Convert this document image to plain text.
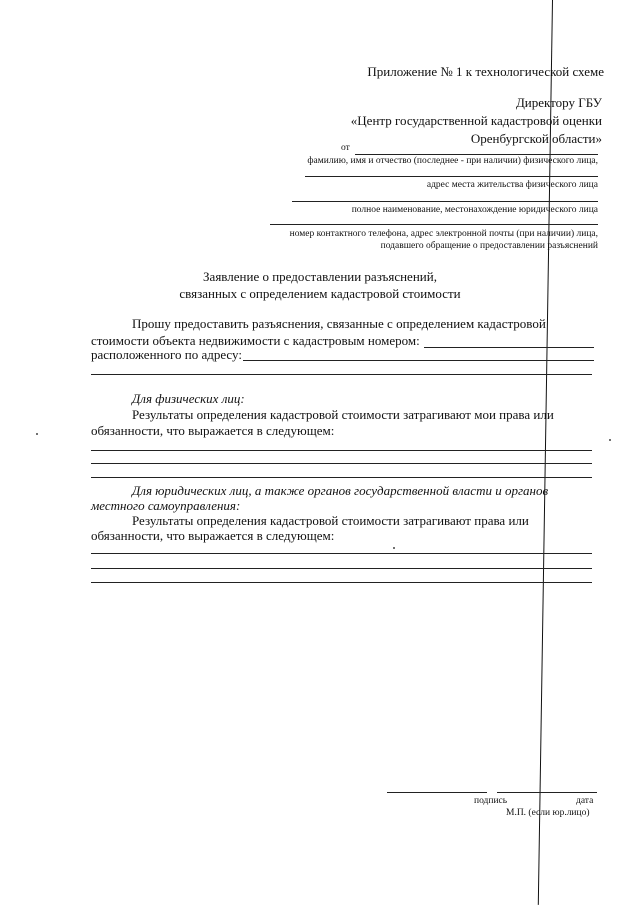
Приложение № 1 к технологической схеме
Директору ГБУ
«Центр государственной кадастровой оценки
Оренбургской области»
от
фамилию, имя и отчество (последнее - при наличии) физического лица,
адрес места жительства физического лица
полное наименование, местонахождение юридического лица
номер контактного телефона, адрес электронной почты (при наличии) лица,
подавшего обращение о предоставлении разъяснений
Заявление о предоставлении разъяснений,
связанных с определением кадастровой стоимости
Прошу предоставить разъяснения, связанные с определением кадастровой
стоимости объекта недвижимости с кадастровым номером:
расположенного по адресу:
Для физических лиц:
Результаты определения кадастровой стоимости затрагивают мои права или
обязанности, что выражается в следующем:
Для юридических лиц, а также органов государственной власти и органов
местного самоуправления:
Результаты определения кадастровой стоимости затрагивают права или
обязанности, что выражается в следующем:
подпись	дата
М.П. (если юр.лицо)
